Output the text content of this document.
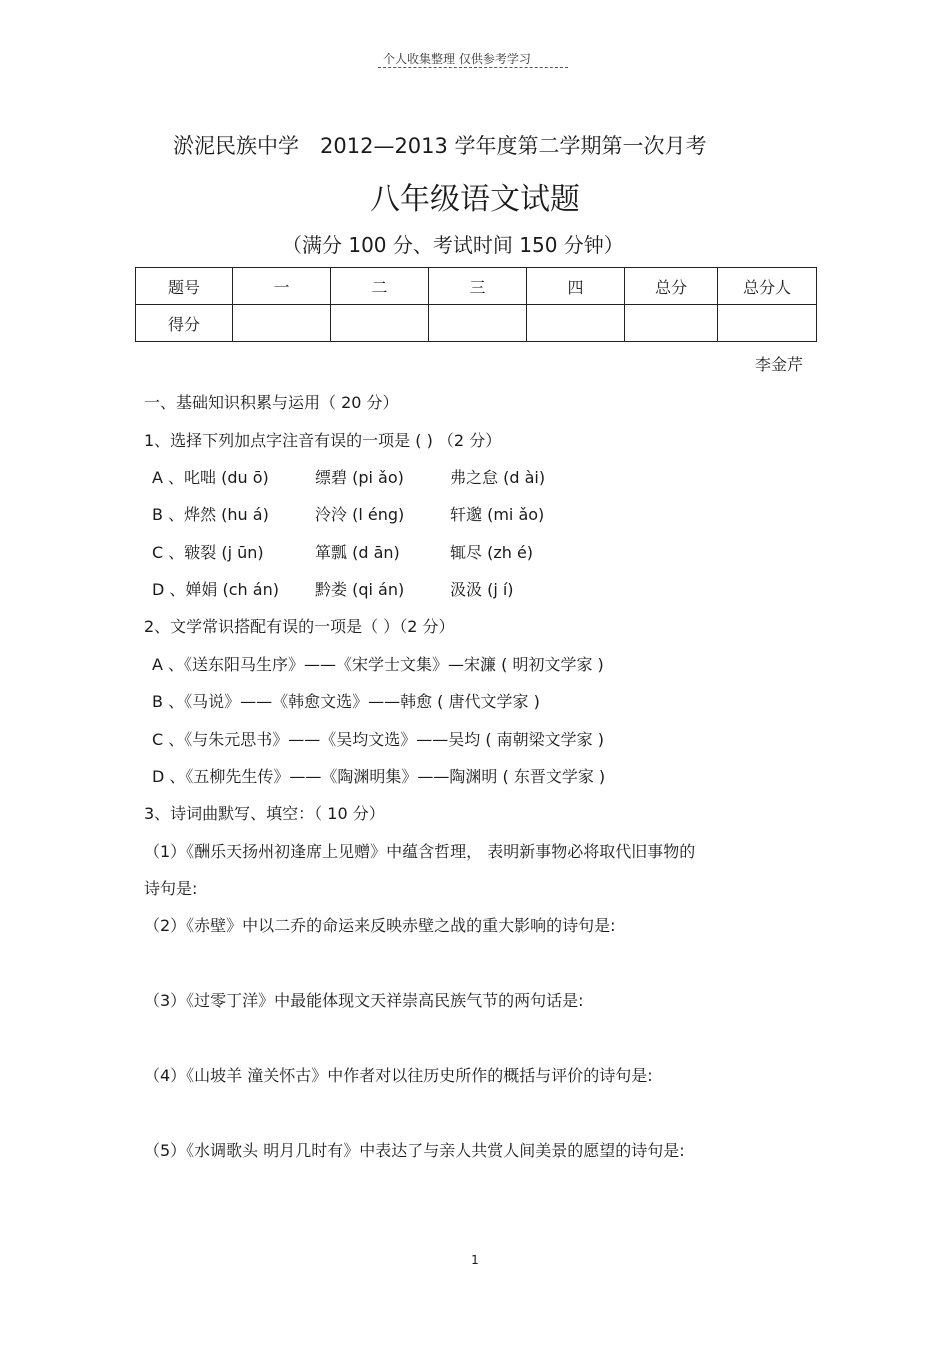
个人收集整理 仅供参考学习
淤泥民族中学　2012—2013 学年度第二学期第一次月考
八年级语文试题
（满分 100 分、考试时间 150 分钟）
题号	一	二	三	四	总分	总分人
得分						
李金芹
一、基础知识积累与运用（ 20 分）
1、选择下列加点字注音有误的一项是 ( ) （2 分）
A 、叱咄 (du ō)	缥碧 (pi ǎo)	弗之怠 (d ài)
B 、烨然 (hu á)	泠泠 (l éng)	轩邈 (mi ǎo)
C 、皲裂 (j ūn)	箪瓢 (d ān)	辄尽 (zh é)
D 、婵娟 (ch án) 黔娄 (qi án)	汲汲 (j í)
2、文学常识搭配有误的一项是（ ）（2 分）
A 、《送东阳马生序》——《宋学士文集》—宋濂 ( 明初文学家 )
B 、《马说》——《韩愈文选》——韩愈 ( 唐代文学家 )
C 、《与朱元思书》——《吴均文选》——吴均 ( 南朝梁文学家 )
D 、《五柳先生传》——《陶渊明集》——陶渊明 ( 东晋文学家 )
3、诗词曲默写、填空：（ 10 分）
（1）《酬乐天扬州初逢席上见赠》中蕴含哲理， 表明新事物必将取代旧事物的
诗句是:
（2）《赤壁》中以二乔的命运来反映赤壁之战的重大影响的诗句是:
（3）《过零丁洋》中最能体现文天祥崇高民族气节的两句话是:
（4）《山坡羊 潼关怀古》中作者对以往历史所作的概括与评价的诗句是:
（5）《水调歌头 明月几时有》中表达了与亲人共赏人间美景的愿望的诗句是:
1
